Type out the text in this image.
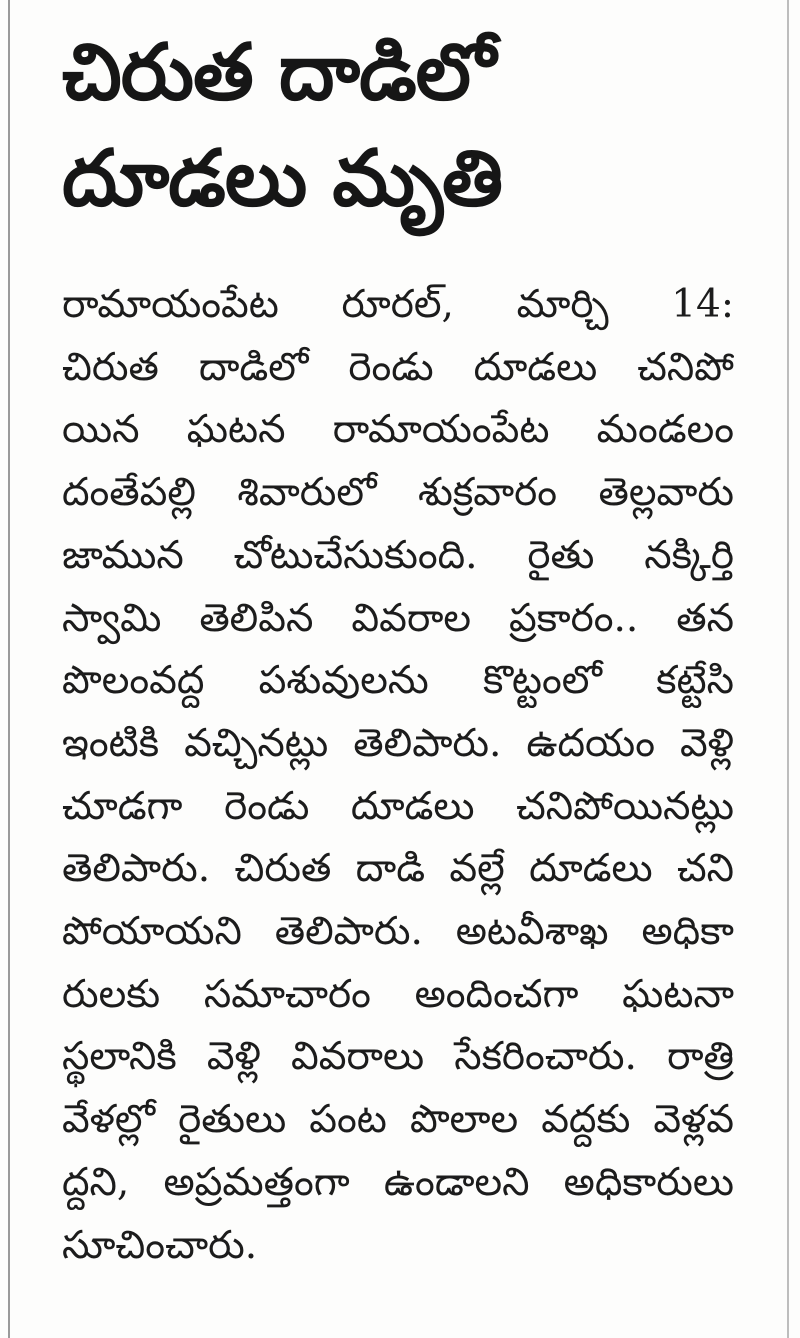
చిరుత దాడిలో
దూడలు మృతి
రామాయంపేట రూరల్, మార్చి 14:
చిరుత దాడిలో రెండు దూడలు చనిపో
యిన ఘటన రామాయంపేట మండలం
దంతేపల్లి శివారులో శుక్రవారం తెల్లవారు
జామున చోటుచేసుకుంది. రైతు నక్కిర్తి
స్వామి తెలిపిన వివరాల ప్రకారం.. తన
పొలంవద్ద పశువులను కొట్టంలో కట్టేసి
ఇంటికి వచ్చినట్లు తెలిపారు. ఉదయం వెళ్లి
చూడగా రెండు దూడలు చనిపోయినట్లు
తెలిపారు. చిరుత దాడి వల్లే దూడలు చని
పోయాయని తెలిపారు. అటవీశాఖ అధికా
రులకు సమాచారం అందించగా ఘటనా
స్థలానికి వెళ్లి వివరాలు సేకరించారు. రాత్రి
వేళల్లో రైతులు పంట పొలాల వద్దకు వెళ్లవ
ద్దని, అప్రమత్తంగా ఉండాలని అధికారులు
సూచించారు.
